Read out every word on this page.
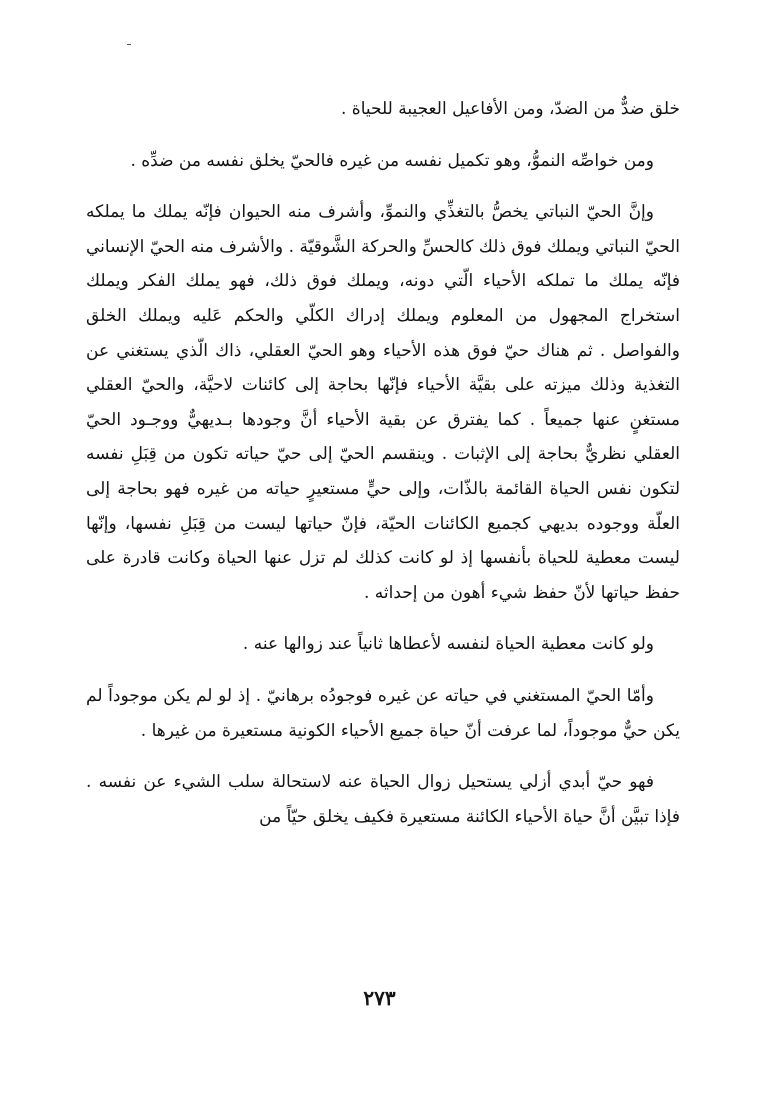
خلق ضدٌّ من الضدّ، ومن الأفاعيل العجيبة للحياة .

ومن خواصِّه النموُّ، وهو تكميل نفسه من غيره فالحيّ يخلق نفسه من ضدِّه .

وإنَّ الحيّ النباتي يخصُّ بالتغذِّي والنموِّ، وأشرف منه الحيوان فإنّه يملك ما يملكه الحيّ النباتي ويملك فوق ذلك كالحسِّ والحركة الشَّوقيّة . والأشرف منه الحيّ الإنساني فإنّه يملك ما تملكه الأحياء الّتي دونه، ويملك فوق ذلك، فهو يملك الفكر ويملك استخراج المجهول من المعلوم ويملك إدراك الكلّي والحكم عَليه ويملك الخلق والفواصل . ثم هناك حيّ فوق هذه الأحياء وهو الحيّ العقلي، ذاك الّذي يستغني عن التغذية وذلك ميزته على بقيَّة الأحياء فإنّها بحاجة إلى كائنات لاحيَّة، والحيّ العقلي مستغنٍ عنها جميعاً . كما يفترق عن بقية الأحياء أنَّ وجودها بـديهيٌّ ووجـود الحيّ العقلي نظريٌّ بحاجة إلى الإثبات . وينقسم الحيّ إلى حيّ حياته تكون من قِبَلِ نفسه لتكون نفس الحياة القائمة بالذّات، وإلى حيٍّ مستعيرٍ حياته من غيره فهو بحاجة إلى العلّة ووجوده بديهي كجميع الكائنات الحيّة، فإنّ حياتها ليست من قِبَلِ نفسها، وإنّها ليست معطية للحياة بأنفسها إذ لو كانت كذلك لم تزل عنها الحياة وكانت قادرة على حفظ حياتها لأنّ حفظ شيء أهون من إحداثه .

ولو كانت معطية الحياة لنفسه لأعطاها ثانياً عند زوالها عنه .

وأمّا الحيّ المستغني في حياته عن غيره فوجودُه برهانيّ . إذ لو لم يكن موجوداً لم يكن حيٌّ موجوداً، لما عرفت أنّ حياة جميع الأحياء الكونية مستعيرة من غيرها .

فهو حيّ أبدي أزلي يستحيل زوال الحياة عنه لاستحالة سلب الشيء عن نفسه . فإذا تبيَّن أنَّ حياة الأحياء الكائنة مستعيرة فكيف يخلق حيّاً من

٢٧٣
